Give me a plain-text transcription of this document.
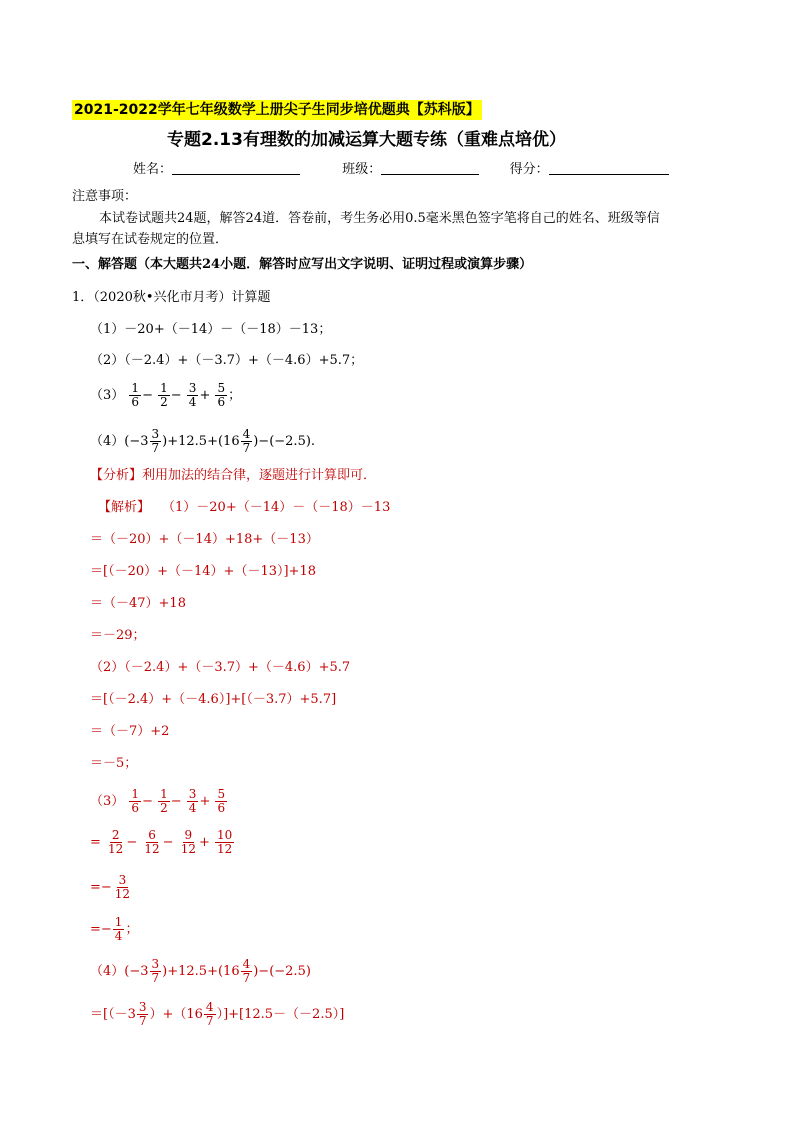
2021-2022学年七年级数学上册尖子生同步培优题典【苏科版】
专题2.13有理数的加减运算大题专练（重难点培优）
姓名：	班级：	得分：
注意事项：
本试卷试题共24题，解答24道．答卷前，考生务必用0.5毫米黑色签字笔将自己的姓名、班级等信
息填写在试卷规定的位置．
一、解答题（本大题共24小题．解答时应写出文字说明、证明过程或演算步骤）
1．（2020秋•兴化市月考）计算题
（1）－20+（－14）－（－18）－13；
（2）（－2.4）+（－3.7）+（－4.6）+5.7；
$(3) \frac{1}{6} - \frac{1}{2} - \frac{3}{4} + \frac{5}{6}$ ；
（4） $(-3 \frac{3}{7} )+12.5+(16 \frac{4}{7} )-(-2.5)$.
【分析】利用加法的结合律，逐题进行计算即可．
【解析】 （1）－20+（－14）－（－18）－13
＝（－20）+（－14）+18+（－13）
＝[（－20）+（－14）+（－13）]+18
＝（－47）+18
＝－29；
（2）（－2.4）+（－3.7）+（－4.6）+5.7
＝[（－2.4）+（－4.6）]+[（－3.7）+5.7]
＝（－7）+2
＝－5；
$(3) \frac{1}{6} - \frac{1}{2} - \frac{3}{4} + \frac{5}{6}$
= $\frac{2}{12} - \frac{6}{12} - \frac{9}{12} + \frac{10}{12}$
=− $\frac{3}{12}$
=− $\frac{1}{4}$ ；
（4） $(-3 \frac{3}{7} )+12.5+(16 \frac{4}{7} )-(-2.5)$
$=[(-3 \frac{3}{7} )+(16 \frac{4}{7} )]+[12.5-(-2.5)]$
